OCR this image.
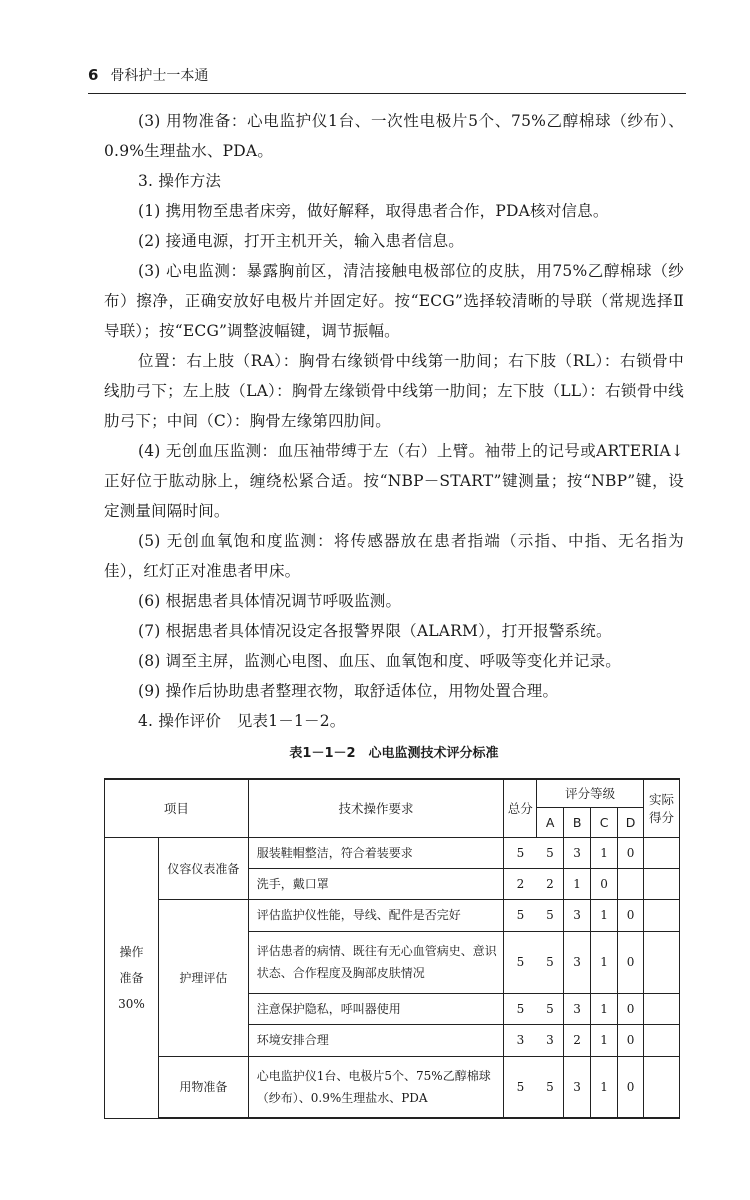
6 骨科护士一本通

(3) 用物准备：心电监护仪1台、一次性电极片5个、75%乙醇棉球（纱布）、0.9%生理盐水、PDA。

3. 操作方法

(1) 携用物至患者床旁，做好解释，取得患者合作，PDA核对信息。

(2) 接通电源，打开主机开关，输入患者信息。

(3) 心电监测：暴露胸前区，清洁接触电极部位的皮肤，用75%乙醇棉球（纱布）擦净，正确安放好电极片并固定好。按“ECG”选择较清晰的导联（常规选择Ⅱ导联）；按“ECG”调整波幅键，调节振幅。

位置：右上肢（RA）：胸骨右缘锁骨中线第一肋间；右下肢（RL）：右锁骨中线肋弓下；左上肢（LA）：胸骨左缘锁骨中线第一肋间；左下肢（LL）：右锁骨中线肋弓下；中间（C）：胸骨左缘第四肋间。

(4) 无创血压监测：血压袖带缚于左（右）上臂。袖带上的记号或ARTERIA↓正好位于肱动脉上，缠绕松紧合适。按“NBP－START”键测量；按“NBP”键，设定测量间隔时间。

(5) 无创血氧饱和度监测：将传感器放在患者指端（示指、中指、无名指为佳），红灯正对准患者甲床。

(6) 根据患者具体情况调节呼吸监测。

(7) 根据患者具体情况设定各报警界限（ALARM），打开报警系统。

(8) 调至主屏，监测心电图、血压、血氧饱和度、呼吸等变化并记录。

(9) 操作后协助患者整理衣物，取舒适体位，用物处置合理。

4. 操作评价　见表1－1－2。

表1－1－2　心电监测技术评分标准
项目		技术操作要求	总分	评分等级				实际
得分

				A	B	C	D	

操作
准备
30%	仪容仪表准备	服装鞋帽整洁，符合着装要求	5	5	3	1	0	
		洗手，戴口罩	2	2	1	0		
	护理评估	评估监护仪性能，导线、配件是否完好	5	5	3	1	0	
		评估患者的病情、既往有无心血管病史、意识状态、合作程度及胸部皮肤情况	5	5	3	1	0	
		注意保护隐私，呼叫器使用	5	5	3	1	0	
		环境安排合理	3	3	2	1	0	
	用物准备	心电监护仪1台、电极片5个、75%乙醇棉球（纱布）、0.9%生理盐水、PDA	5	5	3	1	0	
